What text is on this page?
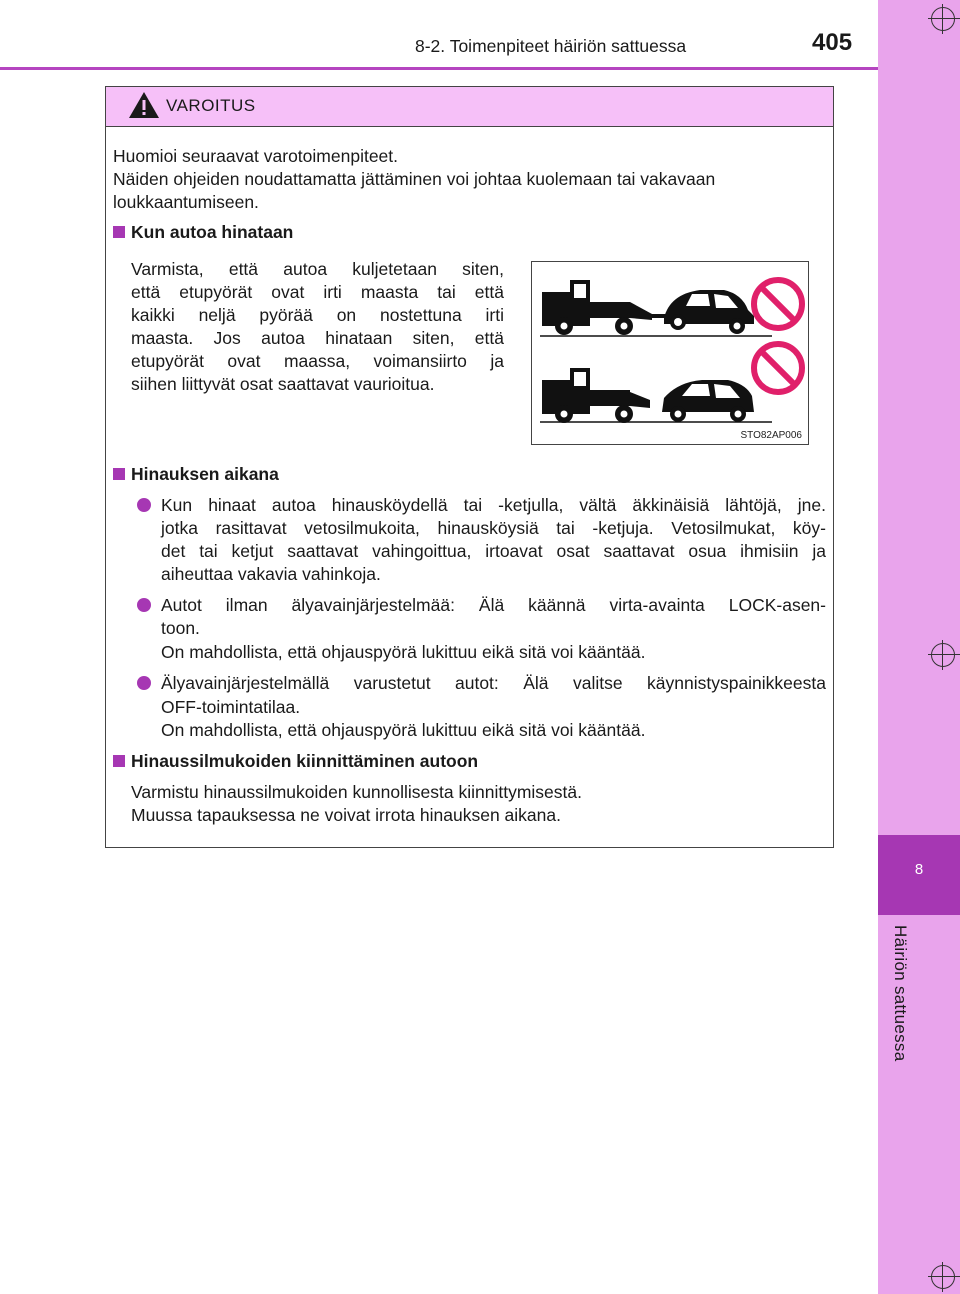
8
Häiriön sattuessa
8-2. Toimenpiteet häiriön sattuessa	405
VAROITUS
Huomioi seuraavat varotoimenpiteet.
Näiden ohjeiden noudattamatta jättäminen voi johtaa kuolemaan tai vakavaan
loukkaantumiseen.
Kun autoa hinataan
Varmista, että autoa kuljetetaan siten,
että etupyörät ovat irti maasta tai että
kaikki neljä pyörää on nostettuna irti
maasta. Jos autoa hinataan siten, että
etupyörät ovat maassa, voimansiirto ja
siihen liittyvät osat saattavat vaurioitua.
STO82AP006
Hinauksen aikana
Kun hinaat autoa hinausköydellä tai -ketjulla, vältä äkkinäisiä lähtöjä, jne.
jotka rasittavat vetosilmukoita, hinausköysiä tai -ketjuja. Vetosilmukat, köy-
det tai ketjut saattavat vahingoittua, irtoavat osat saattavat osua ihmisiin ja
aiheuttaa vakavia vahinkoja.
Autot ilman älyavainjärjestelmää: Älä käännä virta-avainta LOCK-asen-
toon.
On mahdollista, että ohjauspyörä lukittuu eikä sitä voi kääntää.
Älyavainjärjestelmällä varustetut autot: Älä valitse käynnistyspainikkeesta
OFF-toimintatilaa.
On mahdollista, että ohjauspyörä lukittuu eikä sitä voi kääntää.
Hinaussilmukoiden kiinnittäminen autoon
Varmistu hinaussilmukoiden kunnollisesta kiinnittymisestä.
Muussa tapauksessa ne voivat irrota hinauksen aikana.
